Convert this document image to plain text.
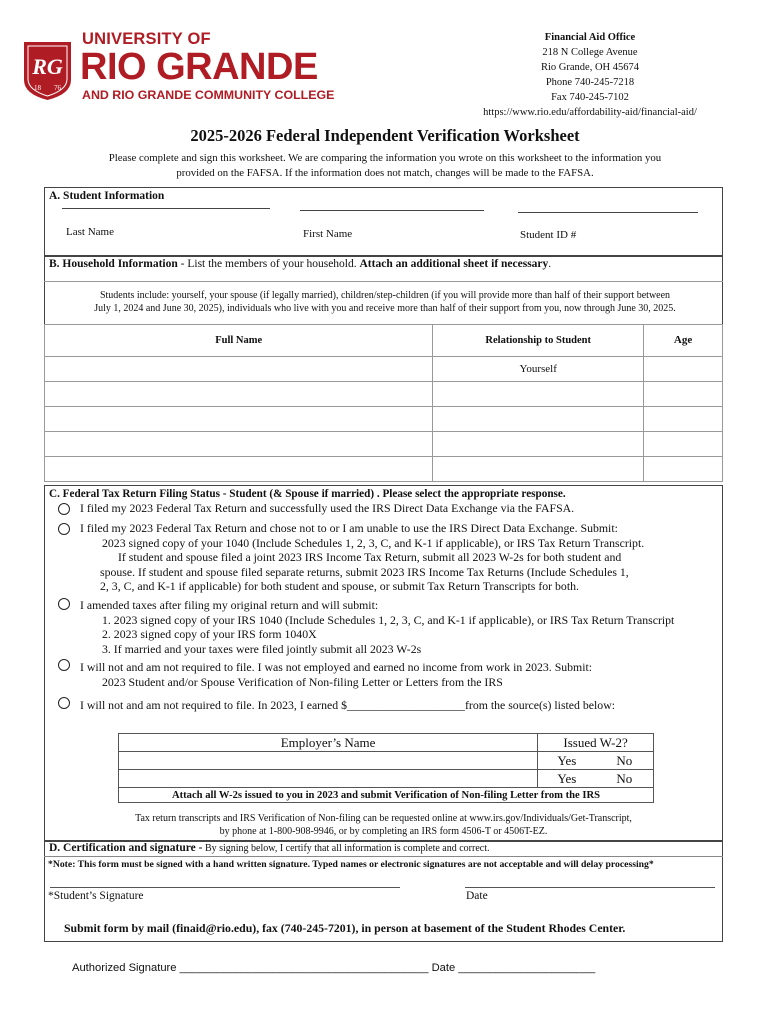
RG
18 76
UNIVERSITY OF
RIO GRANDE
AND RIO GRANDE COMMUNITY COLLEGE
Financial Aid Office
218 N College Avenue
Rio Grande, OH 45674
Phone 740-245-7218
Fax 740-245-7102
https://www.rio.edu/affordability-aid/financial-aid/
2025-2026 Federal Independent Verification Worksheet
Please complete and sign this worksheet. We are comparing the information you wrote on this worksheet to the information you
provided on the FAFSA. If the information does not match, changes will be made to the FAFSA.
A. Student Information
Last Name	First Name	Student ID #
B. Household Information - List the members of your household. Attach an additional sheet if necessary.
Students include: yourself, your spouse (if legally married), children/step-children (if you will provide more than half of their support between
July 1, 2024 and June 30, 2025), individuals who live with you and receive more than half of their support from you, now through June 30, 2025.
Full Name	Relationship to Student	Age
	Yourself	

C. Federal Tax Return Filing Status - Student (& Spouse if married) . Please select the appropriate response.
I filed my 2023 Federal Tax Return and successfully used the IRS Direct Data Exchange via the FAFSA.
I filed my 2023 Federal Tax Return and chose not to or I am unable to use the IRS Direct Data Exchange. Submit:
2023 signed copy of your 1040 (Include Schedules 1, 2, 3, C, and K-1 if applicable), or IRS Tax Return Transcript.
If student and spouse filed a joint 2023 IRS Income Tax Return, submit all 2023 W-2s for both student and
spouse. If student and spouse filed separate returns, submit 2023 IRS Income Tax Returns (Include Schedules 1,
2, 3, C, and K-1 if applicable) for both student and spouse, or submit Tax Return Transcripts for both.
I amended taxes after filing my original return and will submit:
1. 2023 signed copy of your IRS 1040 (Include Schedules 1, 2, 3, C, and K-1 if applicable), or IRS Tax Return Transcript
2. 2023 signed copy of your IRS form 1040X
3. If married and your taxes were filed jointly submit all 2023 W-2s
I will not and am not required to file. I was not employed and earned no income from work in 2023. Submit:
2023 Student and/or Spouse Verification of Non-filing Letter or Letters from the IRS
I will not and am not required to file. In 2023, I earned $____________________from the source(s) listed below:
Employer’s Name	Issued W-2?	
	Yes	No
	Yes	No
Attach all W-2s issued to you in 2023 and submit Verification of Non-filing Letter from the IRS		
Tax return transcripts and IRS Verification of Non-filing can be requested online at www.irs.gov/Individuals/Get-Transcript,
by phone at 1-800-908-9946, or by completing an IRS form 4506-T or 4506T-EZ.
D. Certification and signature - By signing below, I certify that all information is complete and correct.
*Note: This form must be signed with a hand written signature. Typed names or electronic signatures are not acceptable and will delay processing*
*Student’s Signature	Date
Submit form by mail (finaid@rio.edu), fax (740-245-7201), in person at basement of the Student Rhodes Center.
Authorized Signature ________________________________________ Date ______________________
